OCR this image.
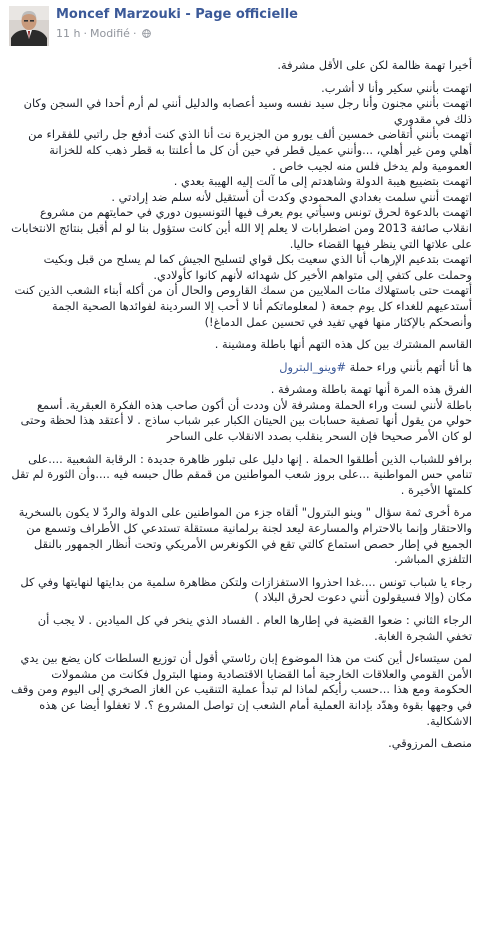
Moncef Marzouki - Page officielle
11 h · Modifié ·

أخيرا تهمة ظالمة لكن على الأقل مشرفة.

اتهمت بأنني سكير وأنا لا أشرب.
اتهمت بأنني مجنون وأنا رجل سيد نفسه وسيد أعصابه والدليل أنني لم أرم أحدا في السجن وكان ذلك في مقدوري
اتهمت بأنني أتقاضى خمسين ألف يورو من الجزيرة نت أنا الذي كنت أدفع جل راتبي للفقراء من أهلي ومن غير أهلي، ...وأنني عميل قطر في حين أن كل ما أعلنتا به قطر ذهب كله للخزانة العمومية ولم يدخل فلس منه لجيب خاص .
اتهمت بتضييع هيبة الدولة وشاهدتم إلى ما آلت إليه الهيبة بعدي .
اتهمت أنني سلمت بغدادي المحمودي وكدت أن أستقيل لأنه سلم ضد إرادتي .
اتهمت بالدعوة لحرق تونس وسيأتي يوم يعرف فيها التونسيون دوري في حمايتهم من مشروع انقلاب صائفة 2013 ومن اضطرابات لا يعلم إلا الله أين كانت ستؤول بنا لو لم أقبل بنتائج الانتخابات على علاتها التي ينظر فيها القضاء حاليا.
اتهمت بتدعيم الإرهاب أنا الذي سعيت بكل قواي لتسليح الجيش كما لم يسلح من قبل وبكيت وحملت على كتفي إلى متواهم الأخير كل شهدائه لأنهم كانوا كأولادي.
أتهمت حتى باستهلاك مئات الملايين من سمك القاروص والحال أن من أكله أبناء الشعب الذين كنت أستدعيهم للغداء كل يوم جمعة ( لمعلوماتكم أنا لا أحب إلا السردينة لفوائدها الصحية الجمة وأنصحكم بالإكثار منها فهي تفيد في تحسين عمل الدماغ!)

القاسم المشترك بين كل هذه التهم أنها باطلة ومشينة .

ها أنا أتهم بأنني وراء حملة #وينو_البترول

الفرق هذه المرة أنها تهمة باطلة ومشرفة .
باطلة لأنني لست وراء الحملة ومشرفة لأن وددت أن أكون صاحب هذه الفكرة العبقرية. أسمع حولي من يقول أنها تصفية حسابات بين الحيتان الكبار عبر شباب ساذج . لا أعتقد هذا لحظة وحتى لو كان الأمر صحيحا فإن السحر ينقلب بصدد الانقلاب على الساحر

برافو للشباب الذين أطلقوا الحملة . إنها دليل على تبلور ظاهرة جديدة : الرقابة الشعبية ....على تنامي حس المواطنية ...على بروز شعب المواطنين من قمقم طال حبسه فيه ....وأن الثورة لم تقل كلمتها الأخيرة .

مرة أخرى ثمة سؤال " وينو البترول" ألقاه جزء من المواطنين على الدولة والردّ لا يكون بالسخرية والاحتقار وإنما بالاحترام والمسارعة ليعد لجنة برلمانية مستقلة تستدعي كل الأطراف وتسمع من الجميع في إطار حصص استماع كالتي تقع في الكونغرس الأمريكي وتحت أنظار الجمهور بالنقل التلفزي المباشر.

رجاء يا شباب تونس ....غدا احذروا الاستفزازات ولتكن مظاهرة سلمية من بدايتها لنهايتها وفي كل مكان (وإلا فسيقولون أنني دعوت لحرق البلاد )

الرجاء الثاني : ضعوا القضية في إطارها العام . الفساد الذي ينخر في كل الميادين . لا يجب أن تخفي الشجرة الغابة.

لمن سيتساءل أين كنت من هذا الموضوع إبان رئاستي أقول أن توزيع السلطات كان يضع بين يدي الأمن القومي والعلاقات الخارجية أما القضايا الاقتصادية ومنها البترول فكانت من مشمولات الحكومة ومع هذا ...حسب رأيكم لماذا لم تبدأ عملية التنقيب عن الغاز الصخري إلى اليوم ومن وقف في وجهها بقوة وهدّد بإدانة العملية أمام الشعب إن تواصل المشروع ؟. لا تغفلوا أيضا عن هذه الاشكالية.

منصف المرزوقي.
